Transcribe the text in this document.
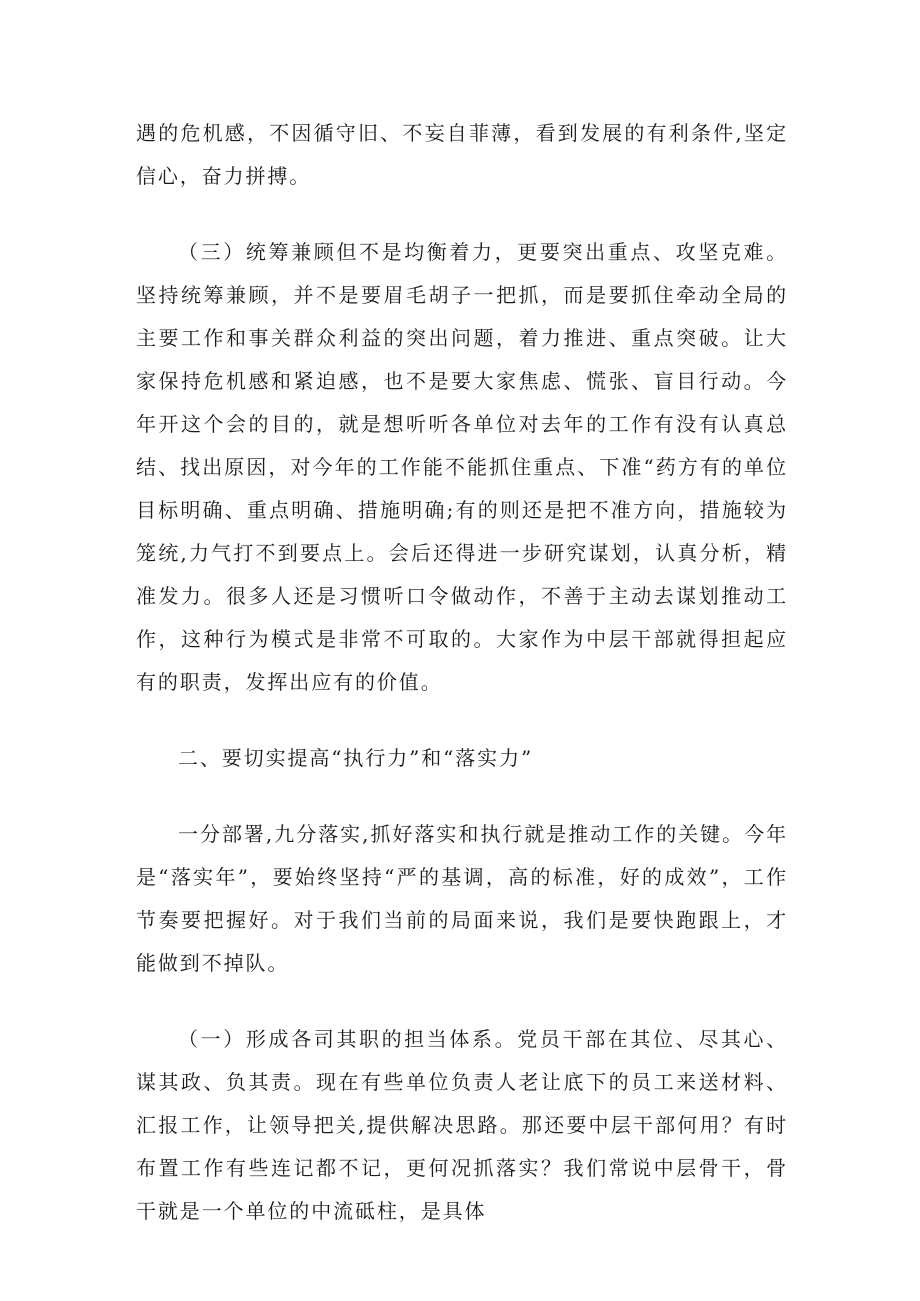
遇的危机感，不因循守旧、不妄自菲薄，看到发展的有利条件,坚定信心，奋力拼搏。

（三）统筹兼顾但不是均衡着力，更要突出重点、攻坚克难。坚持统筹兼顾，并不是要眉毛胡子一把抓，而是要抓住牵动全局的主要工作和事关群众利益的突出问题，着力推进、重点突破。让大家保持危机感和紧迫感，也不是要大家焦虑、慌张、盲目行动。今年开这个会的目的，就是想听听各单位对去年的工作有没有认真总结、找出原因，对今年的工作能不能抓住重点、下准“药方有的单位目标明确、重点明确、措施明确;有的则还是把不准方向，措施较为笼统,力气打不到要点上。会后还得进一步研究谋划，认真分析，精准发力。很多人还是习惯听口令做动作，不善于主动去谋划推动工作，这种行为模式是非常不可取的。大家作为中层干部就得担起应有的职责，发挥出应有的价值。

二、要切实提高“执行力”和“落实力”

一分部署,九分落实,抓好落实和执行就是推动工作的关键。今年是“落实年”，要始终坚持“严的基调，高的标准，好的成效”，工作节奏要把握好。对于我们当前的局面来说，我们是要快跑跟上，才能做到不掉队。

（一）形成各司其职的担当体系。党员干部在其位、尽其心、谋其政、负其责。现在有些单位负责人老让底下的员工来送材料、汇报工作，让领导把关,提供解决思路。那还要中层干部何用？有时布置工作有些连记都不记，更何况抓落实？我们常说中层骨干，骨干就是一个单位的中流砥柱，是具体
